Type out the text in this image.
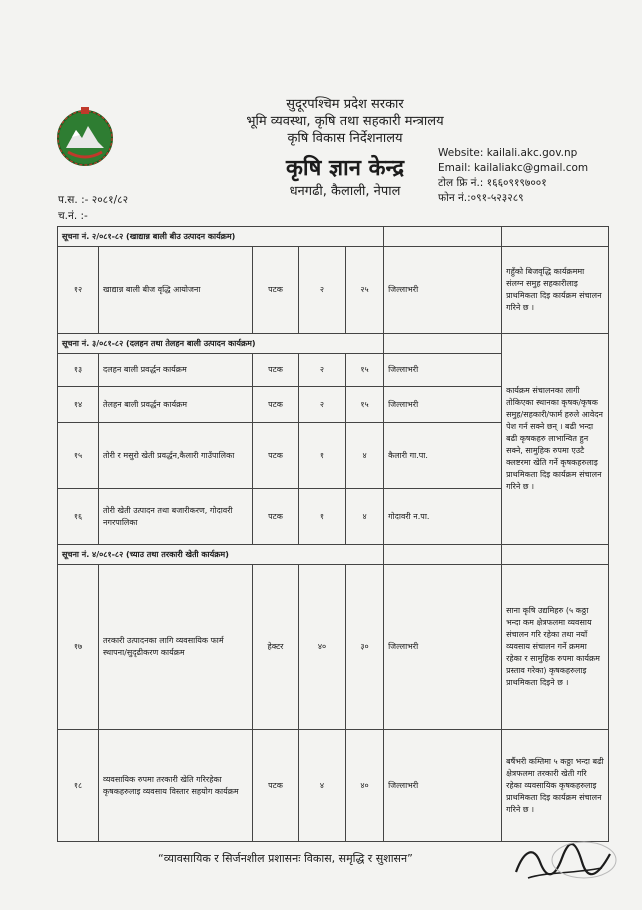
सुदूरपश्चिम प्रदेश सरकार
भूमि व्यवस्था, कृषि तथा सहकारी मन्त्रालय
कृषि विकास निर्देशनालय
कृषि ज्ञान केन्द्र
धनगढी, कैलाली, नेपाल
Website: kailali.akc.gov.np
Email: kailaliakc@gmail.com
टोल फ्रि नं.: १६६०९१९७००१
फोन नं.:०९१-५२३२८९
प.स. :- २०८१/८२
च.नं. :-
सूचना नं. २/०८१-८२ (खाद्यान्न बाली बीउ उत्पादन कार्यक्रम)						
१२	खाद्यान्न बाली बीज वृद्धि आयोजना	पटक	२	२५	जिल्लाभरी	गहुँको बिजवृद्धि कार्यक्रममा संलग्न समुह सहकारीलाइ प्राथमिकता दिइ कार्यक्रम संचालन गरिने छ ।
सूचना नं. ३/०८१-८२ (दलहन तथा तेलहन बाली उत्पादन कार्यक्रम)						कार्यक्रम संचालनका लागी तोकिएका स्थानका कृषक/कृषक समुह/सहकारी/फार्म हरुले आवेदन पेश गर्न सक्ने छन् । बढी भन्दा बढी कृषकहरु लाभान्वित हुन सक्ने, सामुहिक रुपमा एउटै क्लष्टरमा खेति गर्ने कृषकहरुलाइ प्राथमिकता दिइ कार्यक्रम संचालन गरिने छ ।
१३	दलहन बाली प्रवर्द्धन कार्यक्रम	पटक	२	१५	जिल्लाभरी	
१४	तेलहन बाली प्रवर्द्धन कार्यक्रम	पटक	२	१५	जिल्लाभरी	
१५	तोरी र मसुरो खेती प्रवर्द्धन,कैलारी गाउँपालिका	पटक	१	४	कैलारी गा.पा.	
१६	तोरी खेती उत्पादन तथा बजारीकरण, गोदावरी नगरपालिका	पटक	१	४	गोदावरी न.पा.	
सूचना नं. ४/०८१-८२ (च्याउ तथा तरकारी खेती कार्यक्रम)						
१७	तरकारी उत्पादनका लागि व्यवसायिक फार्म स्थापना/सुदृढीकरण कार्यक्रम	हेक्टर	४०	३०	जिल्लाभरी	साना कृषि उद्यमिहरु (५ कठ्ठा भन्दा कम क्षेत्रफलमा व्यवसाय संचालन गरि रहेका तथा नयाँ व्यवसाय संचालन गर्ने क्रममा रहेका र सामुहिक रुपमा कार्यक्रम प्रस्ताव गरेका) कृषकहरुलाइ प्राथमिकता दिइने छ ।
१८	व्यवसायिक रुपमा तरकारी खेति गरिरहेका कृषकहरुलाइ व्यवसाय विस्तार सहयोग कार्यक्रम	पटक	४	४०	जिल्लाभरी	बर्षैभरी कम्तिमा ५ कठ्ठा भन्दा बढी क्षेत्रफलमा तरकारी खेती गरि रहेका व्यवसायिक कृषकहरुलाइ प्राथमिकता दिइ कार्यक्रम संचालन गरिने छ ।
“व्यावसायिक र सिर्जनशील प्रशासनः विकास, समृद्धि र सुशासन”
